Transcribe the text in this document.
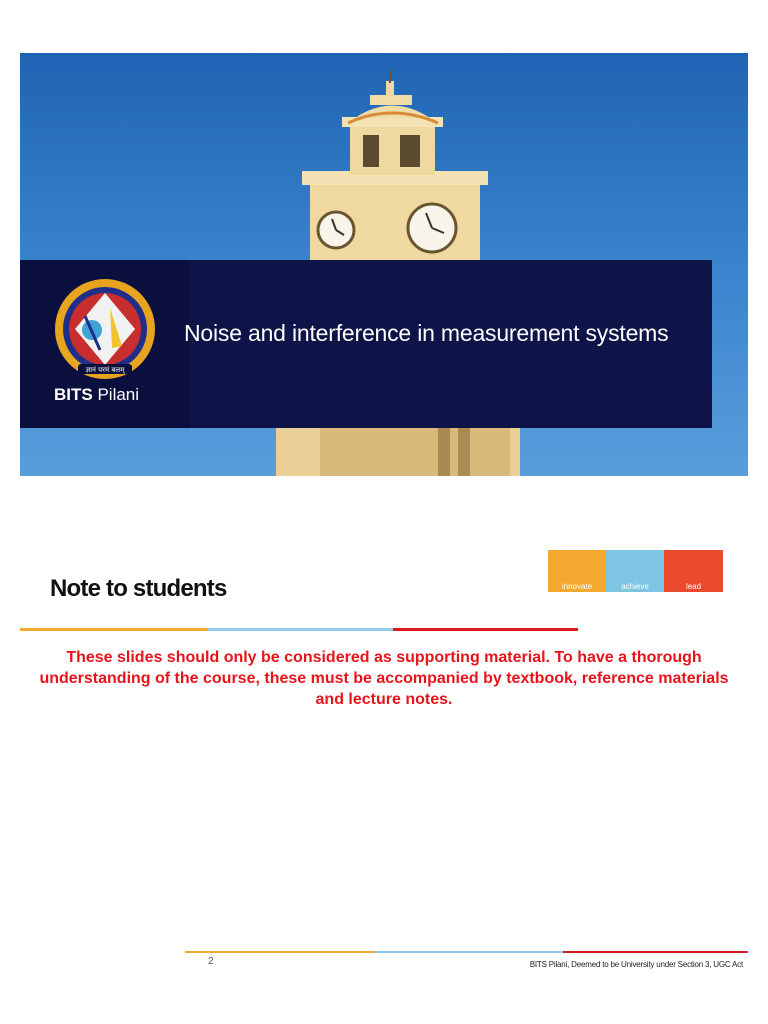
ज्ञानं परमं बलम्
BITS Pilani
Noise and interference in measurement systems
innovate	achieve	lead
Note to students
These slides should only be considered as supporting material. To have a thorough understanding of the course, these must be accompanied by textbook, reference materials and lecture notes.
2	BITS Pilani, Deemed to be University under Section 3, UGC Act
